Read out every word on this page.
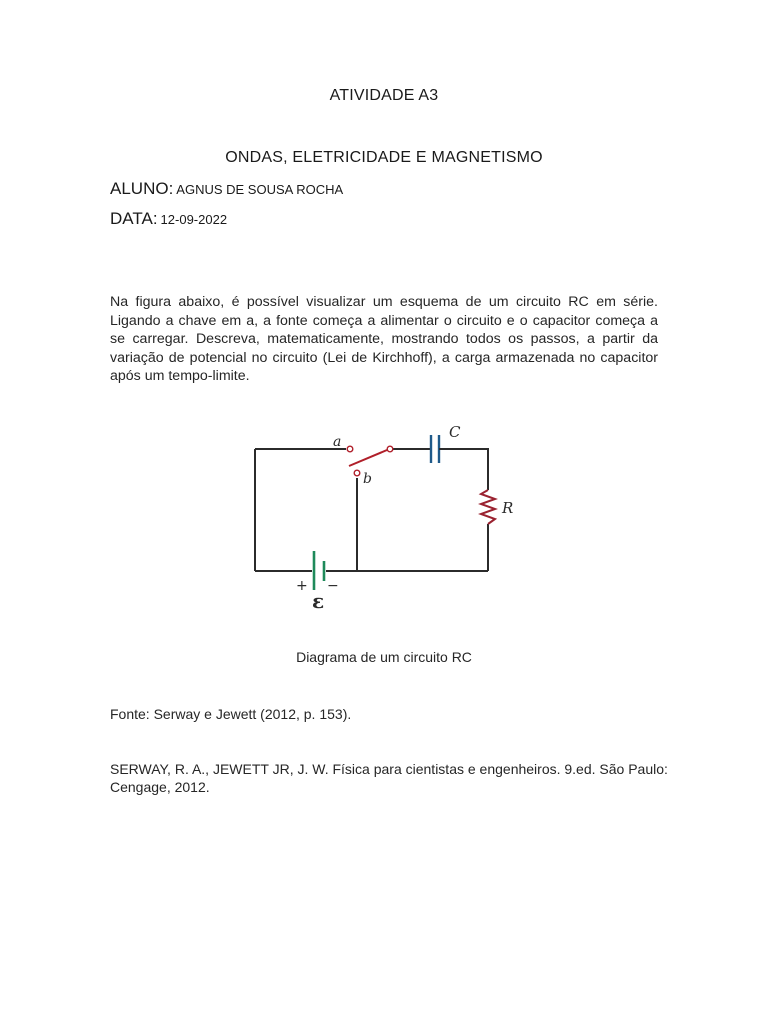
ATIVIDADE A3
ONDAS, ELETRICIDADE E MAGNETISMO
ALUNO: AGNUS DE SOUSA ROCHA
DATA: 12-09-2022
Na figura abaixo, é possível visualizar um esquema de um circuito RC em série. Ligando a chave em a, a fonte começa a alimentar o circuito e o capacitor começa a se carregar. Descreva, matematicamente, mostrando todos os passos, a partir da variação de potencial no circuito (Lei de Kirchhoff), a carga armazenada no capacitor após um tempo-limite.
a
b
C
R
+ −
ε
Diagrama de um circuito RC
Fonte: Serway e Jewett (2012, p. 153).
SERWAY, R. A., JEWETT JR, J. W. Física para cientistas e engenheiros. 9.ed. São Paulo: Cengage, 2012.
